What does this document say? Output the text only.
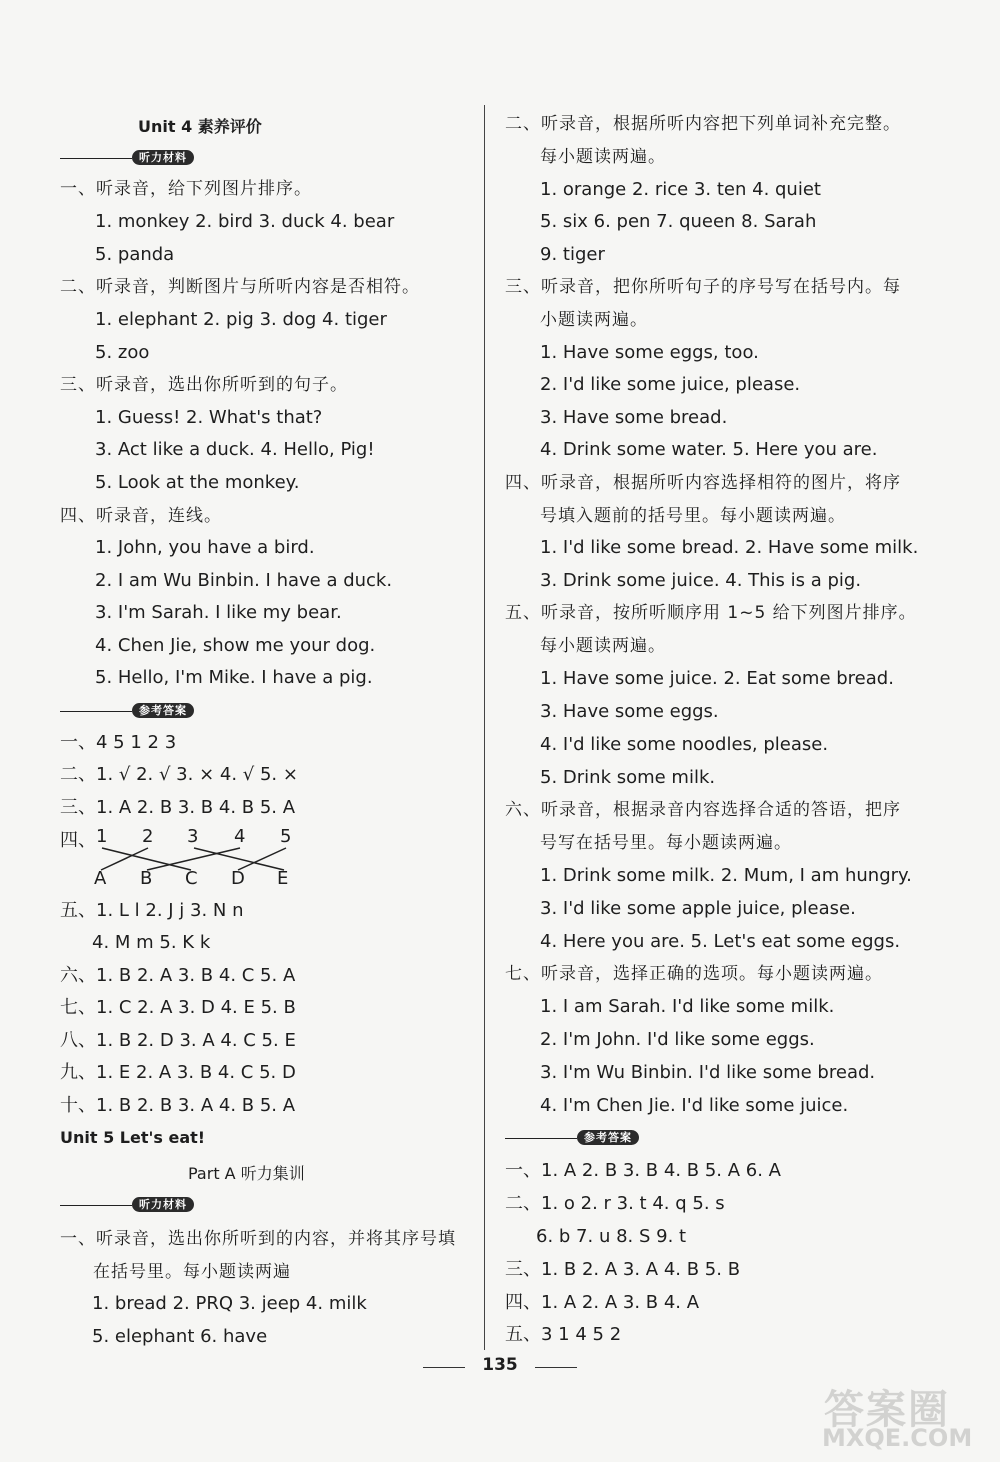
Unit 4 素养评价
听力材料
一、听录音，给下列图片排序。
1. monkey 2. bird 3. duck 4. bear
5. panda
二、听录音，判断图片与所听内容是否相符。
1. elephant 2. pig 3. dog 4. tiger
5. zoo
三、听录音，选出你所听到的句子。
1. Guess! 2. What's that?
3. Act like a duck. 4. Hello, Pig!
5. Look at the monkey.
四、听录音，连线。
1. John, you have a bird.
2. I am Wu Binbin. I have a duck.
3. I'm Sarah. I like my bear.
4. Chen Jie, show me your dog.
5. Hello, I'm Mike. I have a pig.
参考答案
一、4 5 1 2 3
二、1. √ 2. √ 3. × 4. √ 5. ×
三、1. A 2. B 3. B 4. B 5. A
四、 1 2 3 4 5
A B C D E
五、1. L l 2. J j 3. N n
4. M m 5. K k
六、1. B 2. A 3. B 4. C 5. A
七、1. C 2. A 3. D 4. E 5. B
八、1. B 2. D 3. A 4. C 5. E
九、1. E 2. A 3. B 4. C 5. D
十、1. B 2. B 3. A 4. B 5. A
Unit 5 Let's eat!
Part A 听力集训
听力材料
一、听录音，选出你所听到的内容，并将其序号填
在括号里。每小题读两遍
1. bread 2. PRQ 3. jeep 4. milk
5. elephant 6. have
二、听录音，根据所听内容把下列单词补充完整。
每小题读两遍。
1. orange 2. rice 3. ten 4. quiet
5. six 6. pen 7. queen 8. Sarah
9. tiger
三、听录音，把你所听句子的序号写在括号内。每
小题读两遍。
1. Have some eggs, too.
2. I'd like some juice, please.
3. Have some bread.
4. Drink some water. 5. Here you are.
四、听录音，根据所听内容选择相符的图片，将序
号填入题前的括号里。每小题读两遍。
1. I'd like some bread. 2. Have some milk.
3. Drink some juice. 4. This is a pig.
五、听录音，按所听顺序用 1~5 给下列图片排序。
每小题读两遍。
1. Have some juice. 2. Eat some bread.
3. Have some eggs.
4. I'd like some noodles, please.
5. Drink some milk.
六、听录音，根据录音内容选择合适的答语，把序
号写在括号里。每小题读两遍。
1. Drink some milk. 2. Mum, I am hungry.
3. I'd like some apple juice, please.
4. Here you are. 5. Let's eat some eggs.
七、听录音，选择正确的选项。每小题读两遍。
1. I am Sarah. I'd like some milk.
2. I'm John. I'd like some eggs.
3. I'm Wu Binbin. I'd like some bread.
4. I'm Chen Jie. I'd like some juice.
参考答案
一、1. A 2. B 3. B 4. B 5. A 6. A
二、1. o 2. r 3. t 4. q 5. s
6. b 7. u 8. S 9. t
三、1. B 2. A 3. A 4. B 5. B
四、1. A 2. A 3. B 4. A
五、3 1 4 5 2
135
答案圈
MXQE.COM
